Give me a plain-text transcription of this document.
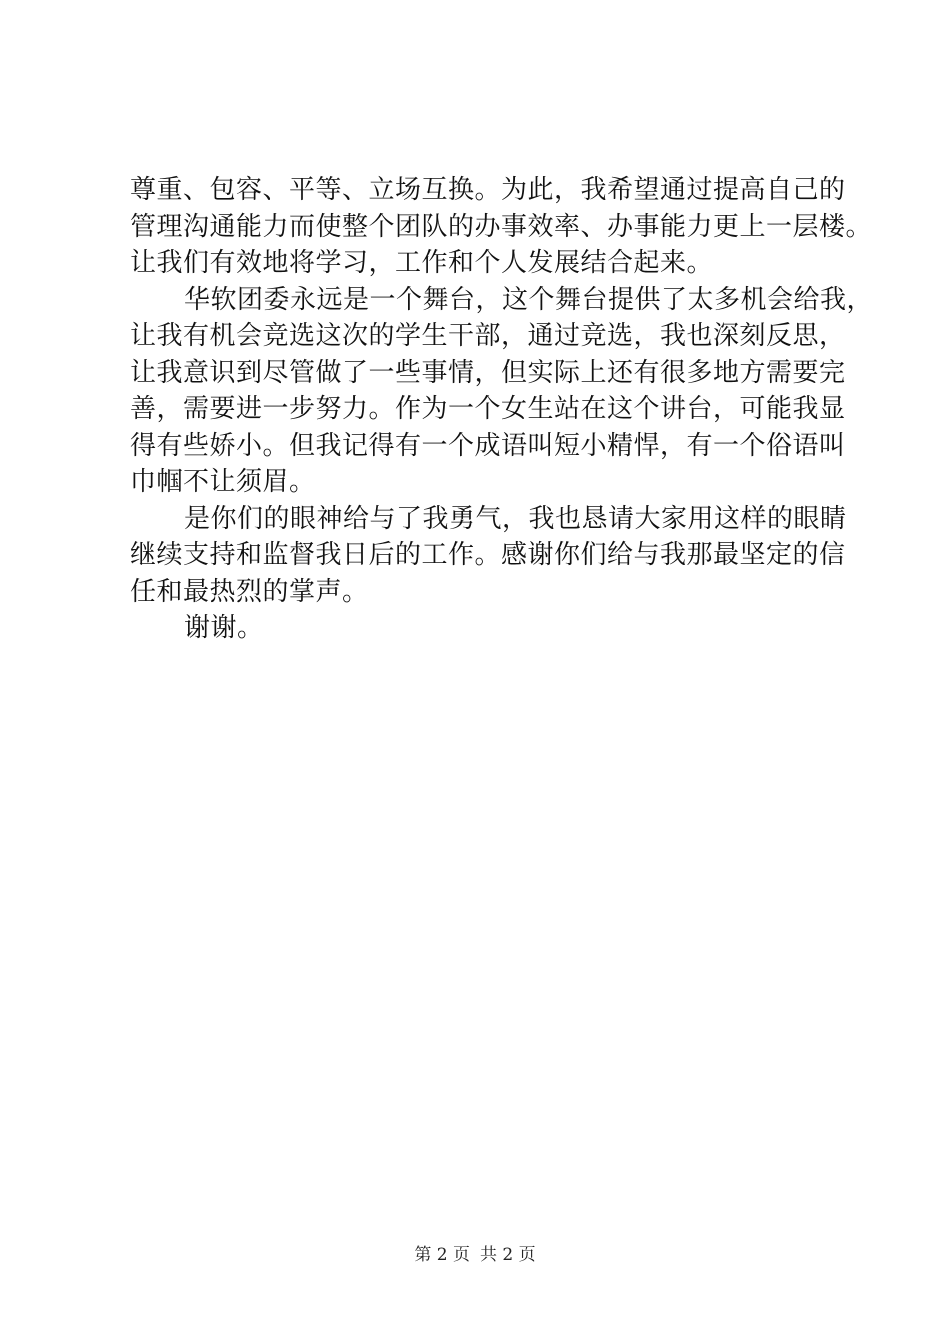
尊重、包容、平等、立场互换。为此，我希望通过提高自己的
管理沟通能力而使整个团队的办事效率、办事能力更上一层楼。
让我们有效地将学习，工作和个人发展结合起来。
华软团委永远是一个舞台，这个舞台提供了太多机会给我，
让我有机会竞选这次的学生干部，通过竞选，我也深刻反思，
让我意识到尽管做了一些事情，但实际上还有很多地方需要完
善，需要进一步努力。作为一个女生站在这个讲台，可能我显
得有些娇小。但我记得有一个成语叫短小精悍，有一个俗语叫
巾帼不让须眉。
是你们的眼神给与了我勇气，我也恳请大家用这样的眼睛
继续支持和监督我日后的工作。感谢你们给与我那最坚定的信
任和最热烈的掌声。
谢谢。
第 2 页 共 2 页
